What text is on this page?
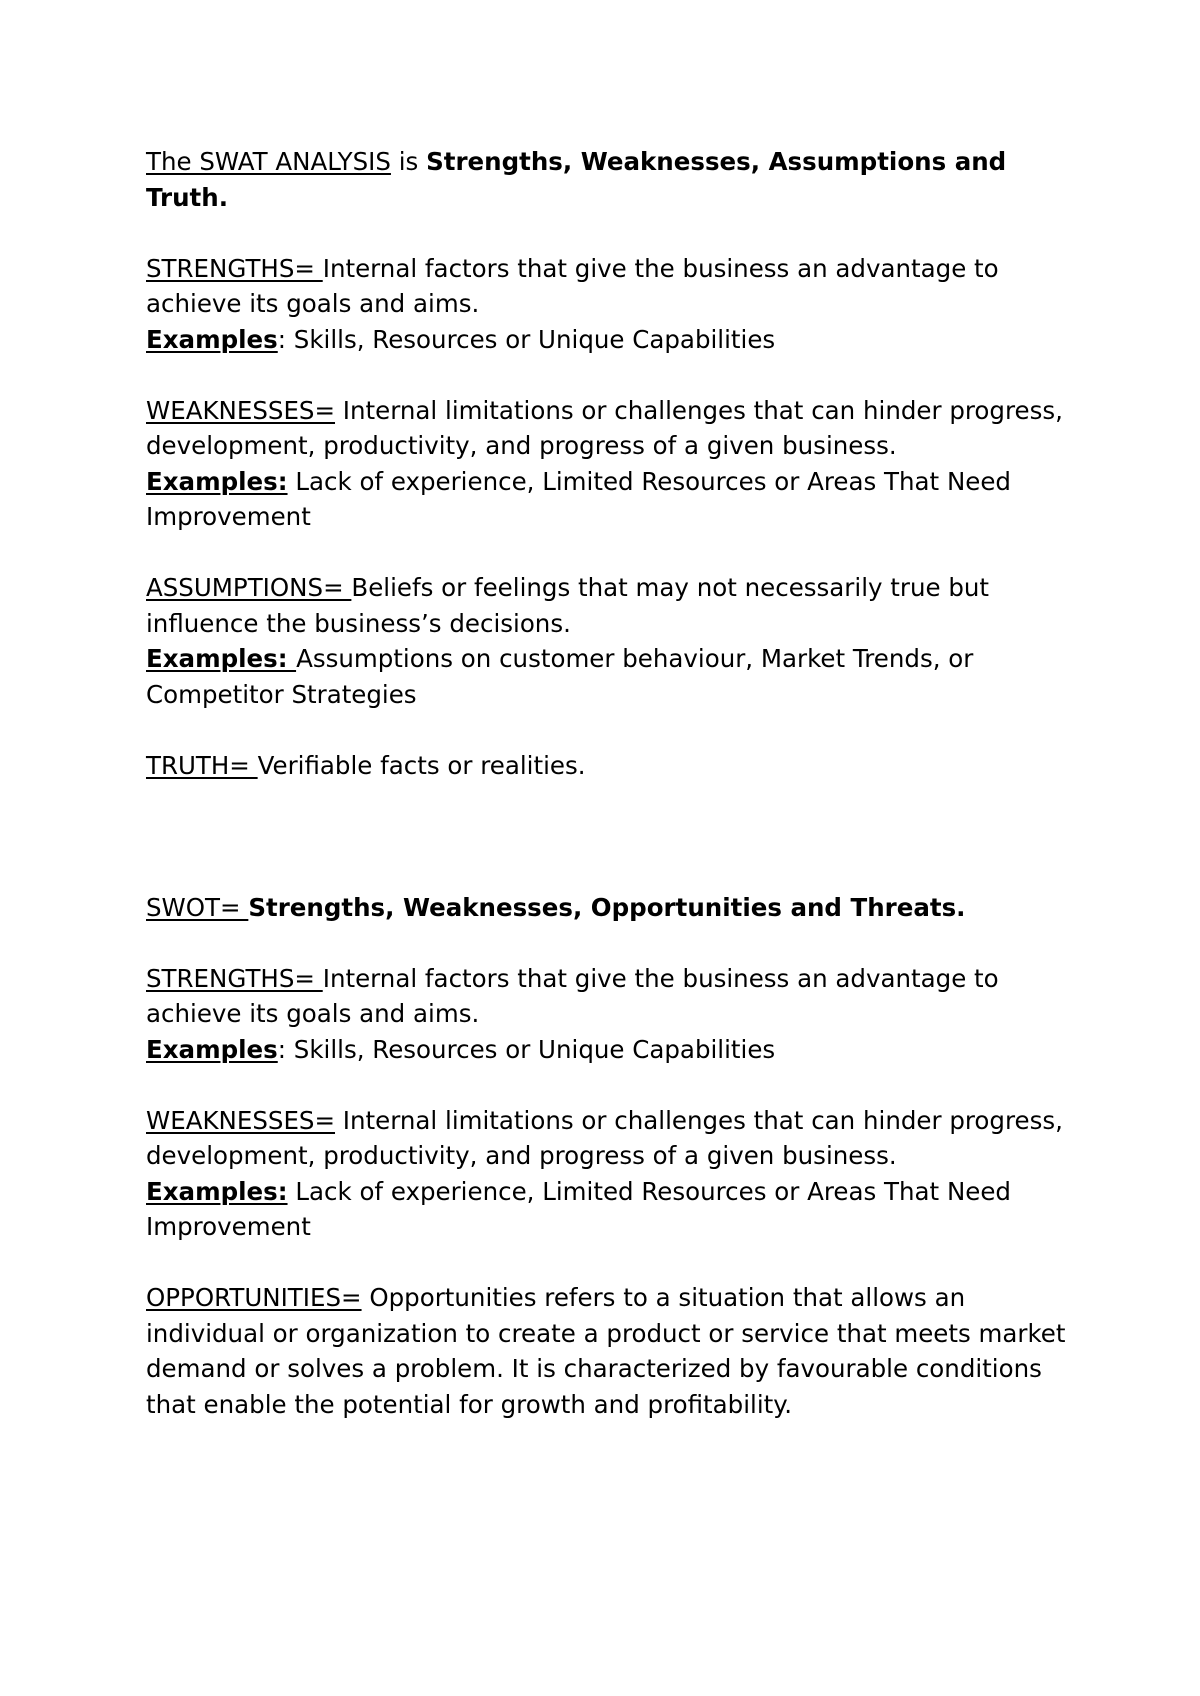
The SWAT ANALYSIS is Strengths, Weaknesses, Assumptions and Truth.

STRENGTHS= Internal factors that give the business an advantage to achieve its goals and aims.

Examples: Skills, Resources or Unique Capabilities

WEAKNESSES= Internal limitations or challenges that can hinder progress, development, productivity, and progress of a given business.

Examples: Lack of experience, Limited Resources or Areas That Need Improvement

ASSUMPTIONS= Beliefs or feelings that may not necessarily true but influence the business’s decisions.

Examples: Assumptions on customer behaviour, Market Trends, or Competitor Strategies

TRUTH= Verifiable facts or realities.

SWOT= Strengths, Weaknesses, Opportunities and Threats.

STRENGTHS= Internal factors that give the business an advantage to achieve its goals and aims.

Examples: Skills, Resources or Unique Capabilities

WEAKNESSES= Internal limitations or challenges that can hinder progress, development, productivity, and progress of a given business.

Examples: Lack of experience, Limited Resources or Areas That Need Improvement

OPPORTUNITIES= Opportunities refers to a situation that allows an individual or organization to create a product or service that meets market demand or solves a problem. It is characterized by favourable conditions that enable the potential for growth and profitability.
